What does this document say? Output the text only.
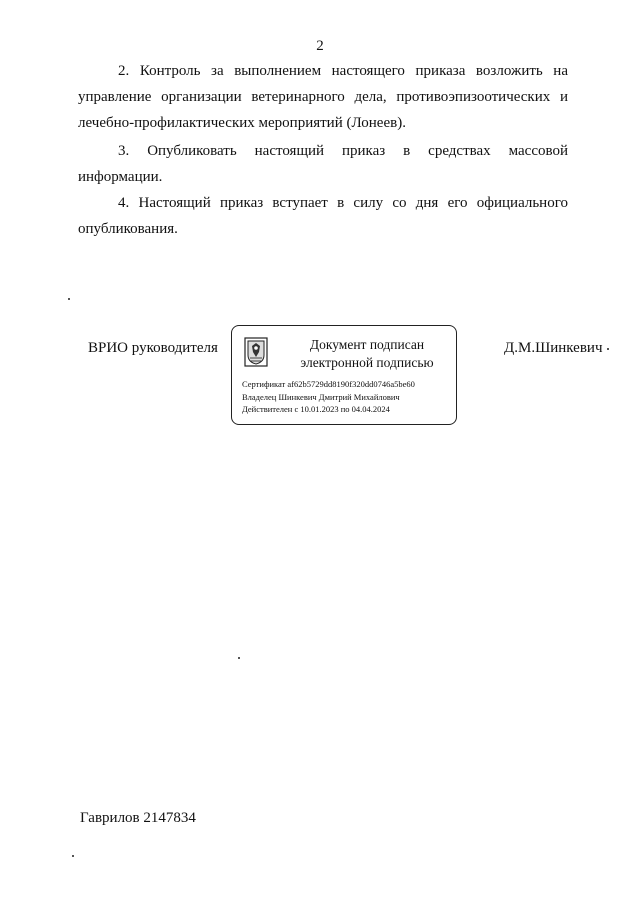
2
2. Контроль за выполнением настоящего приказа возложить на
управление организации ветеринарного дела, противоэпизоотических и лечебно-профилактических мероприятий (Лонеев).
3. Опубликовать настоящий приказ в средствах массовой
информации.
4. Настоящий приказ вступает в силу со дня его официального
опубликования.
ВРИО руководителя	Документ подписан
электронной подписью
Сертификат af62b5729dd8190f320dd0746a5be60
Владелец Шинкевич Дмитрий Михайлович
Действителен с 10.01.2023 по 04.04.2024
Д.М.Шинкевич
Гаврилов 2147834
